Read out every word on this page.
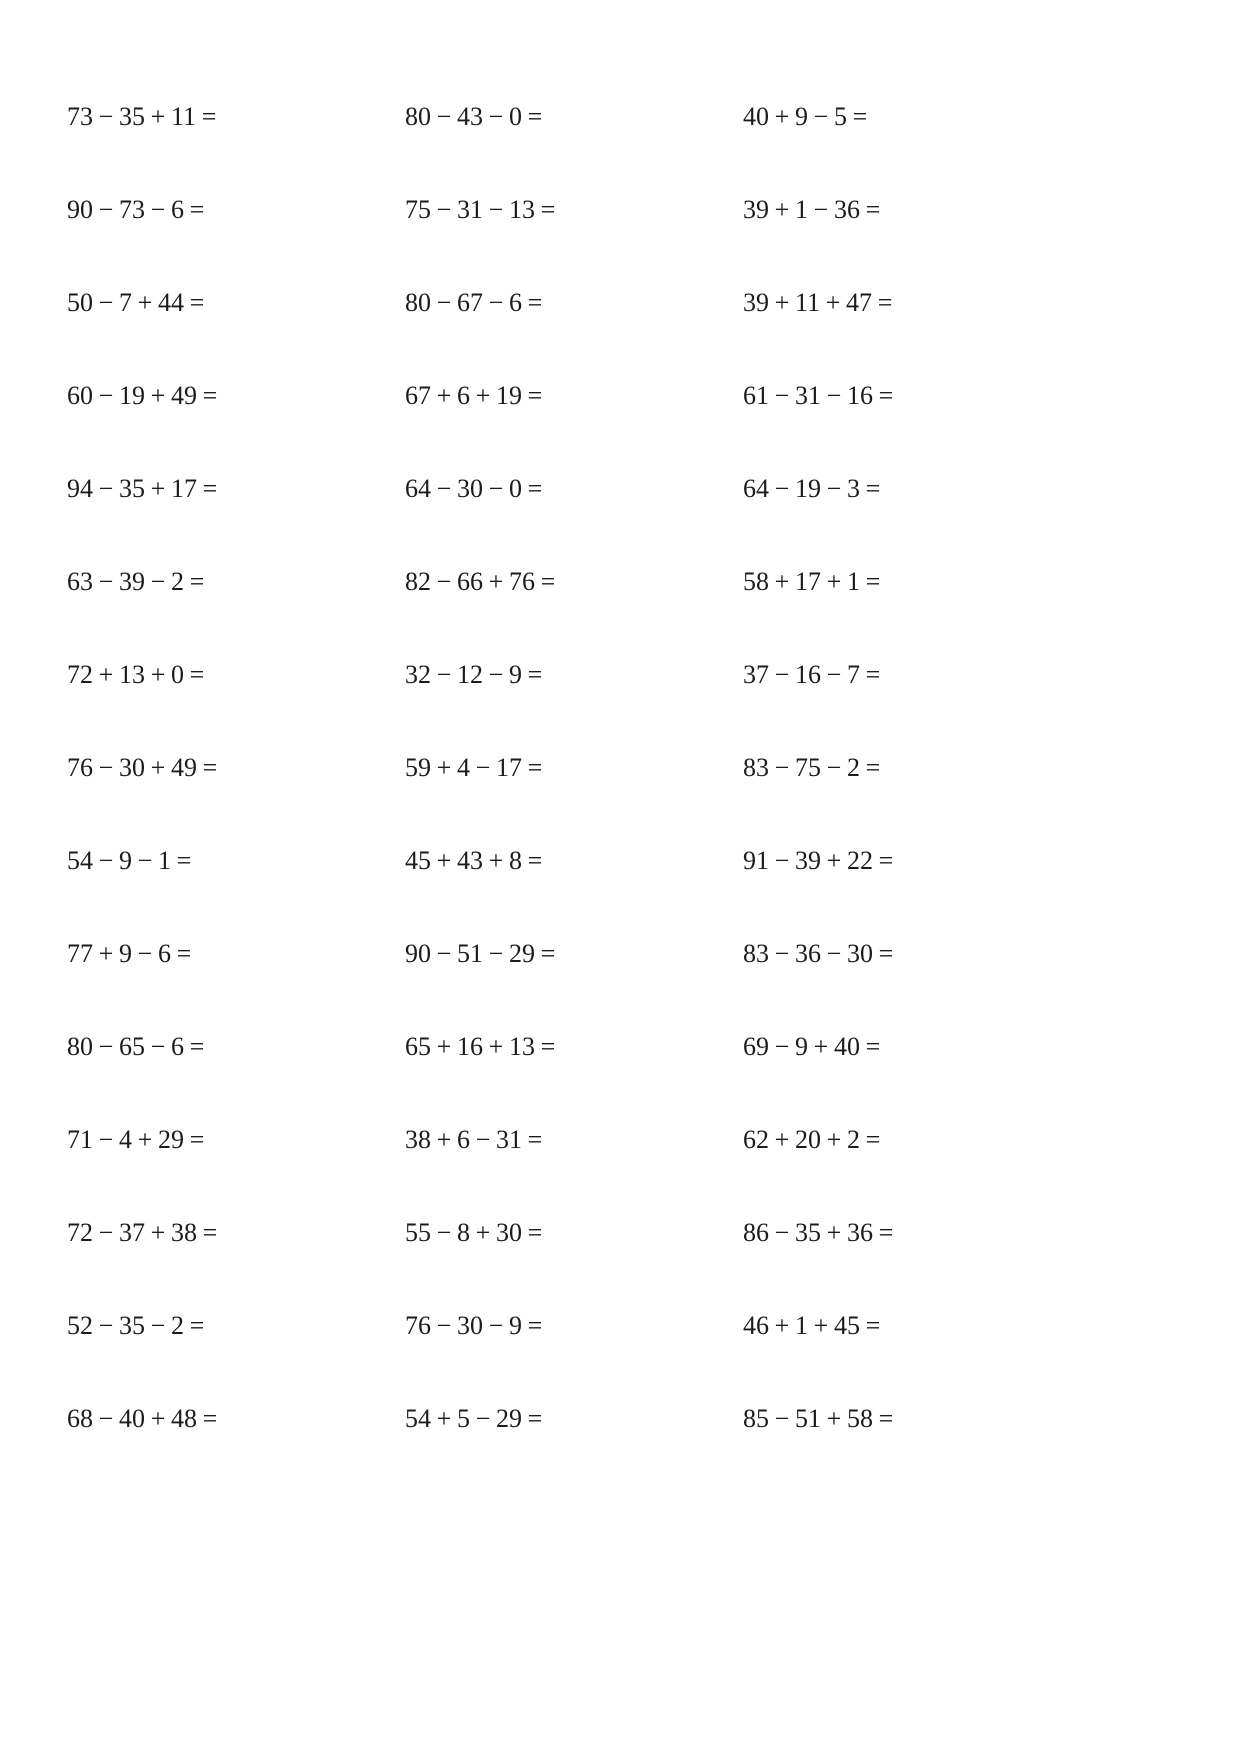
73 − 35 + 11 =	80 − 43 − 0 =	40 + 9 − 5 =
90 − 73 − 6 =	75 − 31 − 13 =	39 + 1 − 36 =
50 − 7 + 44 =	80 − 67 − 6 =	39 + 11 + 47 =
60 − 19 + 49 =	67 + 6 + 19 =	61 − 31 − 16 =
94 − 35 + 17 =	64 − 30 − 0 =	64 − 19 − 3 =
63 − 39 − 2 =	82 − 66 + 76 =	58 + 17 + 1 =
72 + 13 + 0 =	32 − 12 − 9 =	37 − 16 − 7 =
76 − 30 + 49 =	59 + 4 − 17 =	83 − 75 − 2 =
54 − 9 − 1 =	45 + 43 + 8 =	91 − 39 + 22 =
77 + 9 − 6 =	90 − 51 − 29 =	83 − 36 − 30 =
80 − 65 − 6 =	65 + 16 + 13 =	69 − 9 + 40 =
71 − 4 + 29 =	38 + 6 − 31 =	62 + 20 + 2 =
72 − 37 + 38 =	55 − 8 + 30 =	86 − 35 + 36 =
52 − 35 − 2 =	76 − 30 − 9 =	46 + 1 + 45 =
68 − 40 + 48 =	54 + 5 − 29 =	85 − 51 + 58 =
